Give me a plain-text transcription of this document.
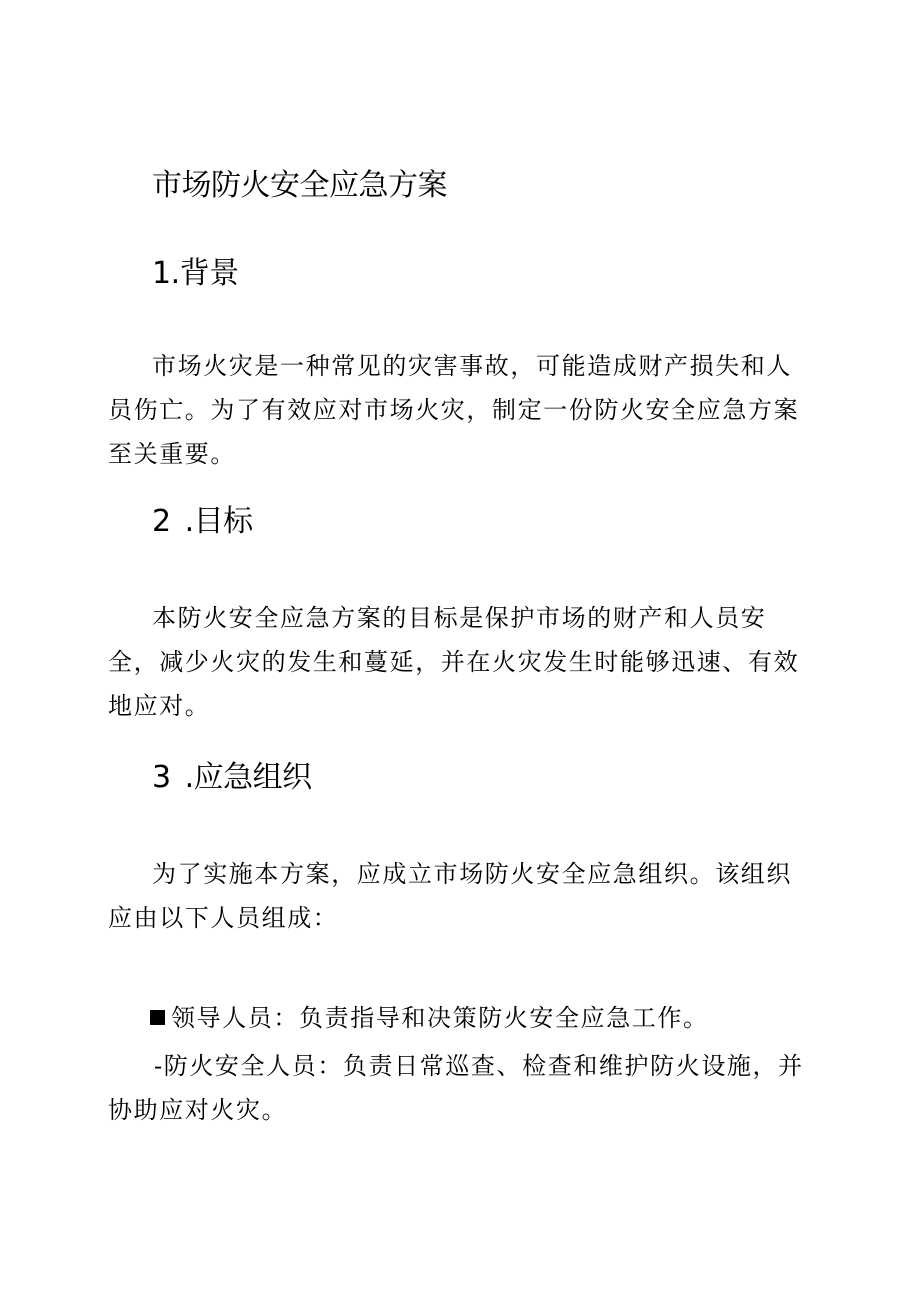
市场防火安全应急方案
1.背景

市场火灾是一种常见的灾害事故，可能造成财产损失和人员伤亡。为了有效应对市场火灾，制定一份防火安全应急方案至关重要。

2 .目标

本防火安全应急方案的目标是保护市场的财产和人员安全，减少火灾的发生和蔓延，并在火灾发生时能够迅速、有效地应对。

3 .应急组织

为了实施本方案，应成立市场防火安全应急组织。该组织应由以下人员组成：

领导人员：负责指导和决策防火安全应急工作。

-防火安全人员：负责日常巡查、检查和维护防火设施，并协助应对火灾。
